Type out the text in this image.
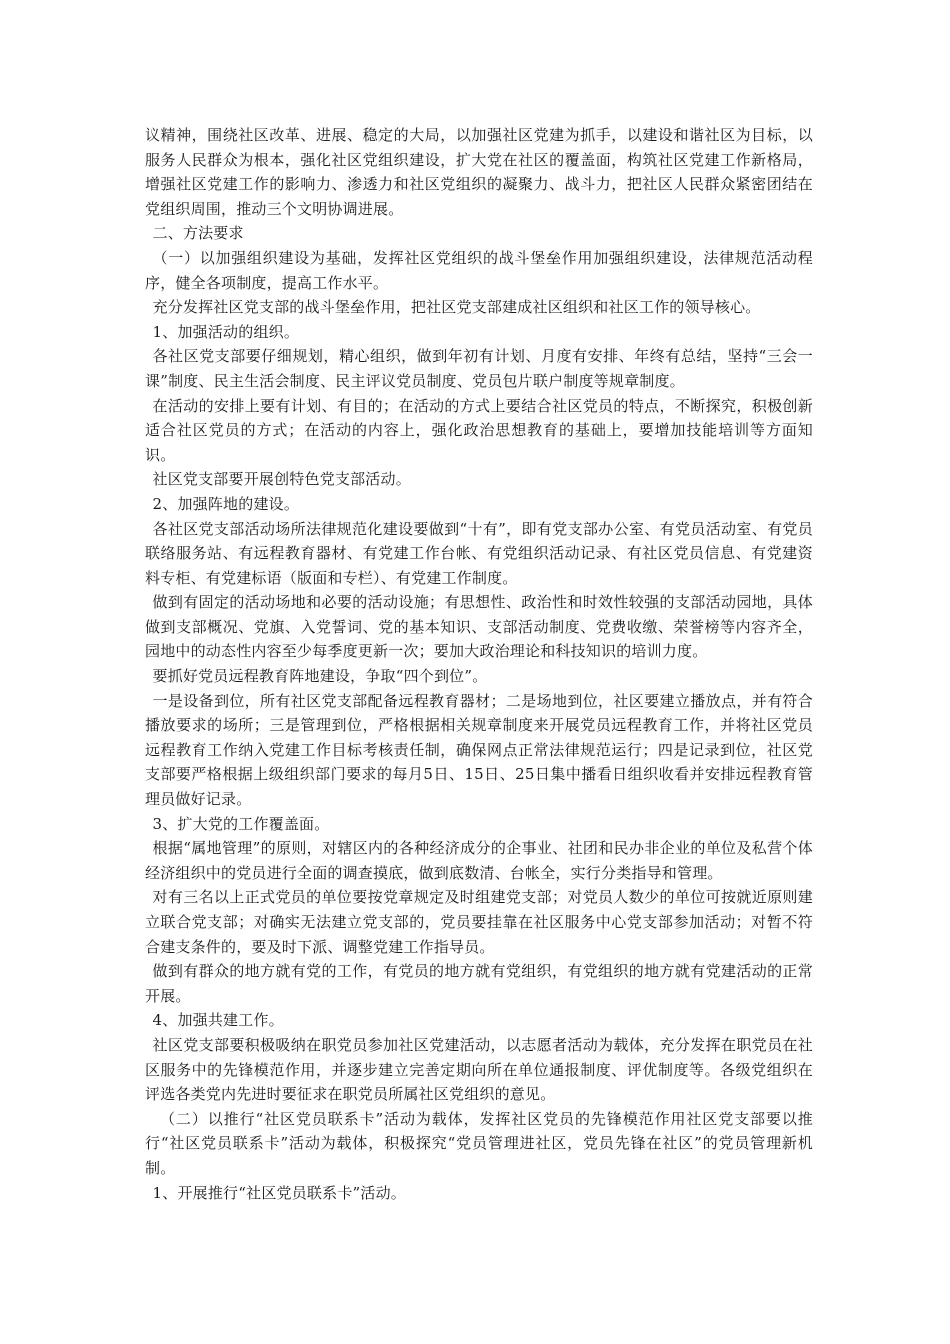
议精神，围绕社区改革、进展、稳定的大局，以加强社区党建为抓手，以建设和谐社区为目标，以服务人民群众为根本，强化社区党组织建设，扩大党在社区的覆盖面，构筑社区党建工作新格局，增强社区党建工作的影响力、渗透力和社区党组织的凝聚力、战斗力，把社区人民群众紧密团结在党组织周围，推动三个文明协调进展。

二、方法要求

（一）以加强组织建设为基础，发挥社区党组织的战斗堡垒作用加强组织建设，法律规范活动程序，健全各项制度，提高工作水平。

充分发挥社区党支部的战斗堡垒作用，把社区党支部建成社区组织和社区工作的领导核心。

1、加强活动的组织。

各社区党支部要仔细规划，精心组织，做到年初有计划、月度有安排、年终有总结，坚持“三会一课”制度、民主生活会制度、民主评议党员制度、党员包片联户制度等规章制度。

在活动的安排上要有计划、有目的；在活动的方式上要结合社区党员的特点，不断探究，积极创新适合社区党员的方式；在活动的内容上，强化政治思想教育的基础上，要增加技能培训等方面知识。

社区党支部要开展创特色党支部活动。

2、加强阵地的建设。

各社区党支部活动场所法律规范化建设要做到“十有”，即有党支部办公室、有党员活动室、有党员联络服务站、有远程教育器材、有党建工作台帐、有党组织活动记录、有社区党员信息、有党建资料专柜、有党建标语（版面和专栏）、有党建工作制度。

做到有固定的活动场地和必要的活动设施；有思想性、政治性和时效性较强的支部活动园地，具体做到支部概况、党旗、入党誓词、党的基本知识、支部活动制度、党费收缴、荣誉榜等内容齐全，园地中的动态性内容至少每季度更新一次；要加大政治理论和科技知识的培训力度。

要抓好党员远程教育阵地建设，争取“四个到位”。

一是设备到位，所有社区党支部配备远程教育器材；二是场地到位，社区要建立播放点，并有符合播放要求的场所；三是管理到位，严格根据相关规章制度来开展党员远程教育工作，并将社区党员远程教育工作纳入党建工作目标考核责任制，确保网点正常法律规范运行；四是记录到位，社区党支部要严格根据上级组织部门要求的每月5日、15日、25日集中播看日组织收看并安排远程教育管理员做好记录。

3、扩大党的工作覆盖面。

根据“属地管理”的原则，对辖区内的各种经济成分的企事业、社团和民办非企业的单位及私营个体经济组织中的党员进行全面的调查摸底，做到底数清、台帐全，实行分类指导和管理。

对有三名以上正式党员的单位要按党章规定及时组建党支部；对党员人数少的单位可按就近原则建立联合党支部；对确实无法建立党支部的，党员要挂靠在社区服务中心党支部参加活动；对暂不符合建支条件的，要及时下派、调整党建工作指导员。

做到有群众的地方就有党的工作，有党员的地方就有党组织，有党组织的地方就有党建活动的正常开展。

4、加强共建工作。

社区党支部要积极吸纳在职党员参加社区党建活动，以志愿者活动为载体，充分发挥在职党员在社区服务中的先锋模范作用，并逐步建立完善定期向所在单位通报制度、评优制度等。各级党组织在评选各类党内先进时要征求在职党员所属社区党组织的意见。

（二）以推行“社区党员联系卡”活动为载体，发挥社区党员的先锋模范作用社区党支部要以推行“社区党员联系卡”活动为载体，积极探究“党员管理进社区，党员先锋在社区”的党员管理新机制。

1、开展推行“社区党员联系卡”活动。
